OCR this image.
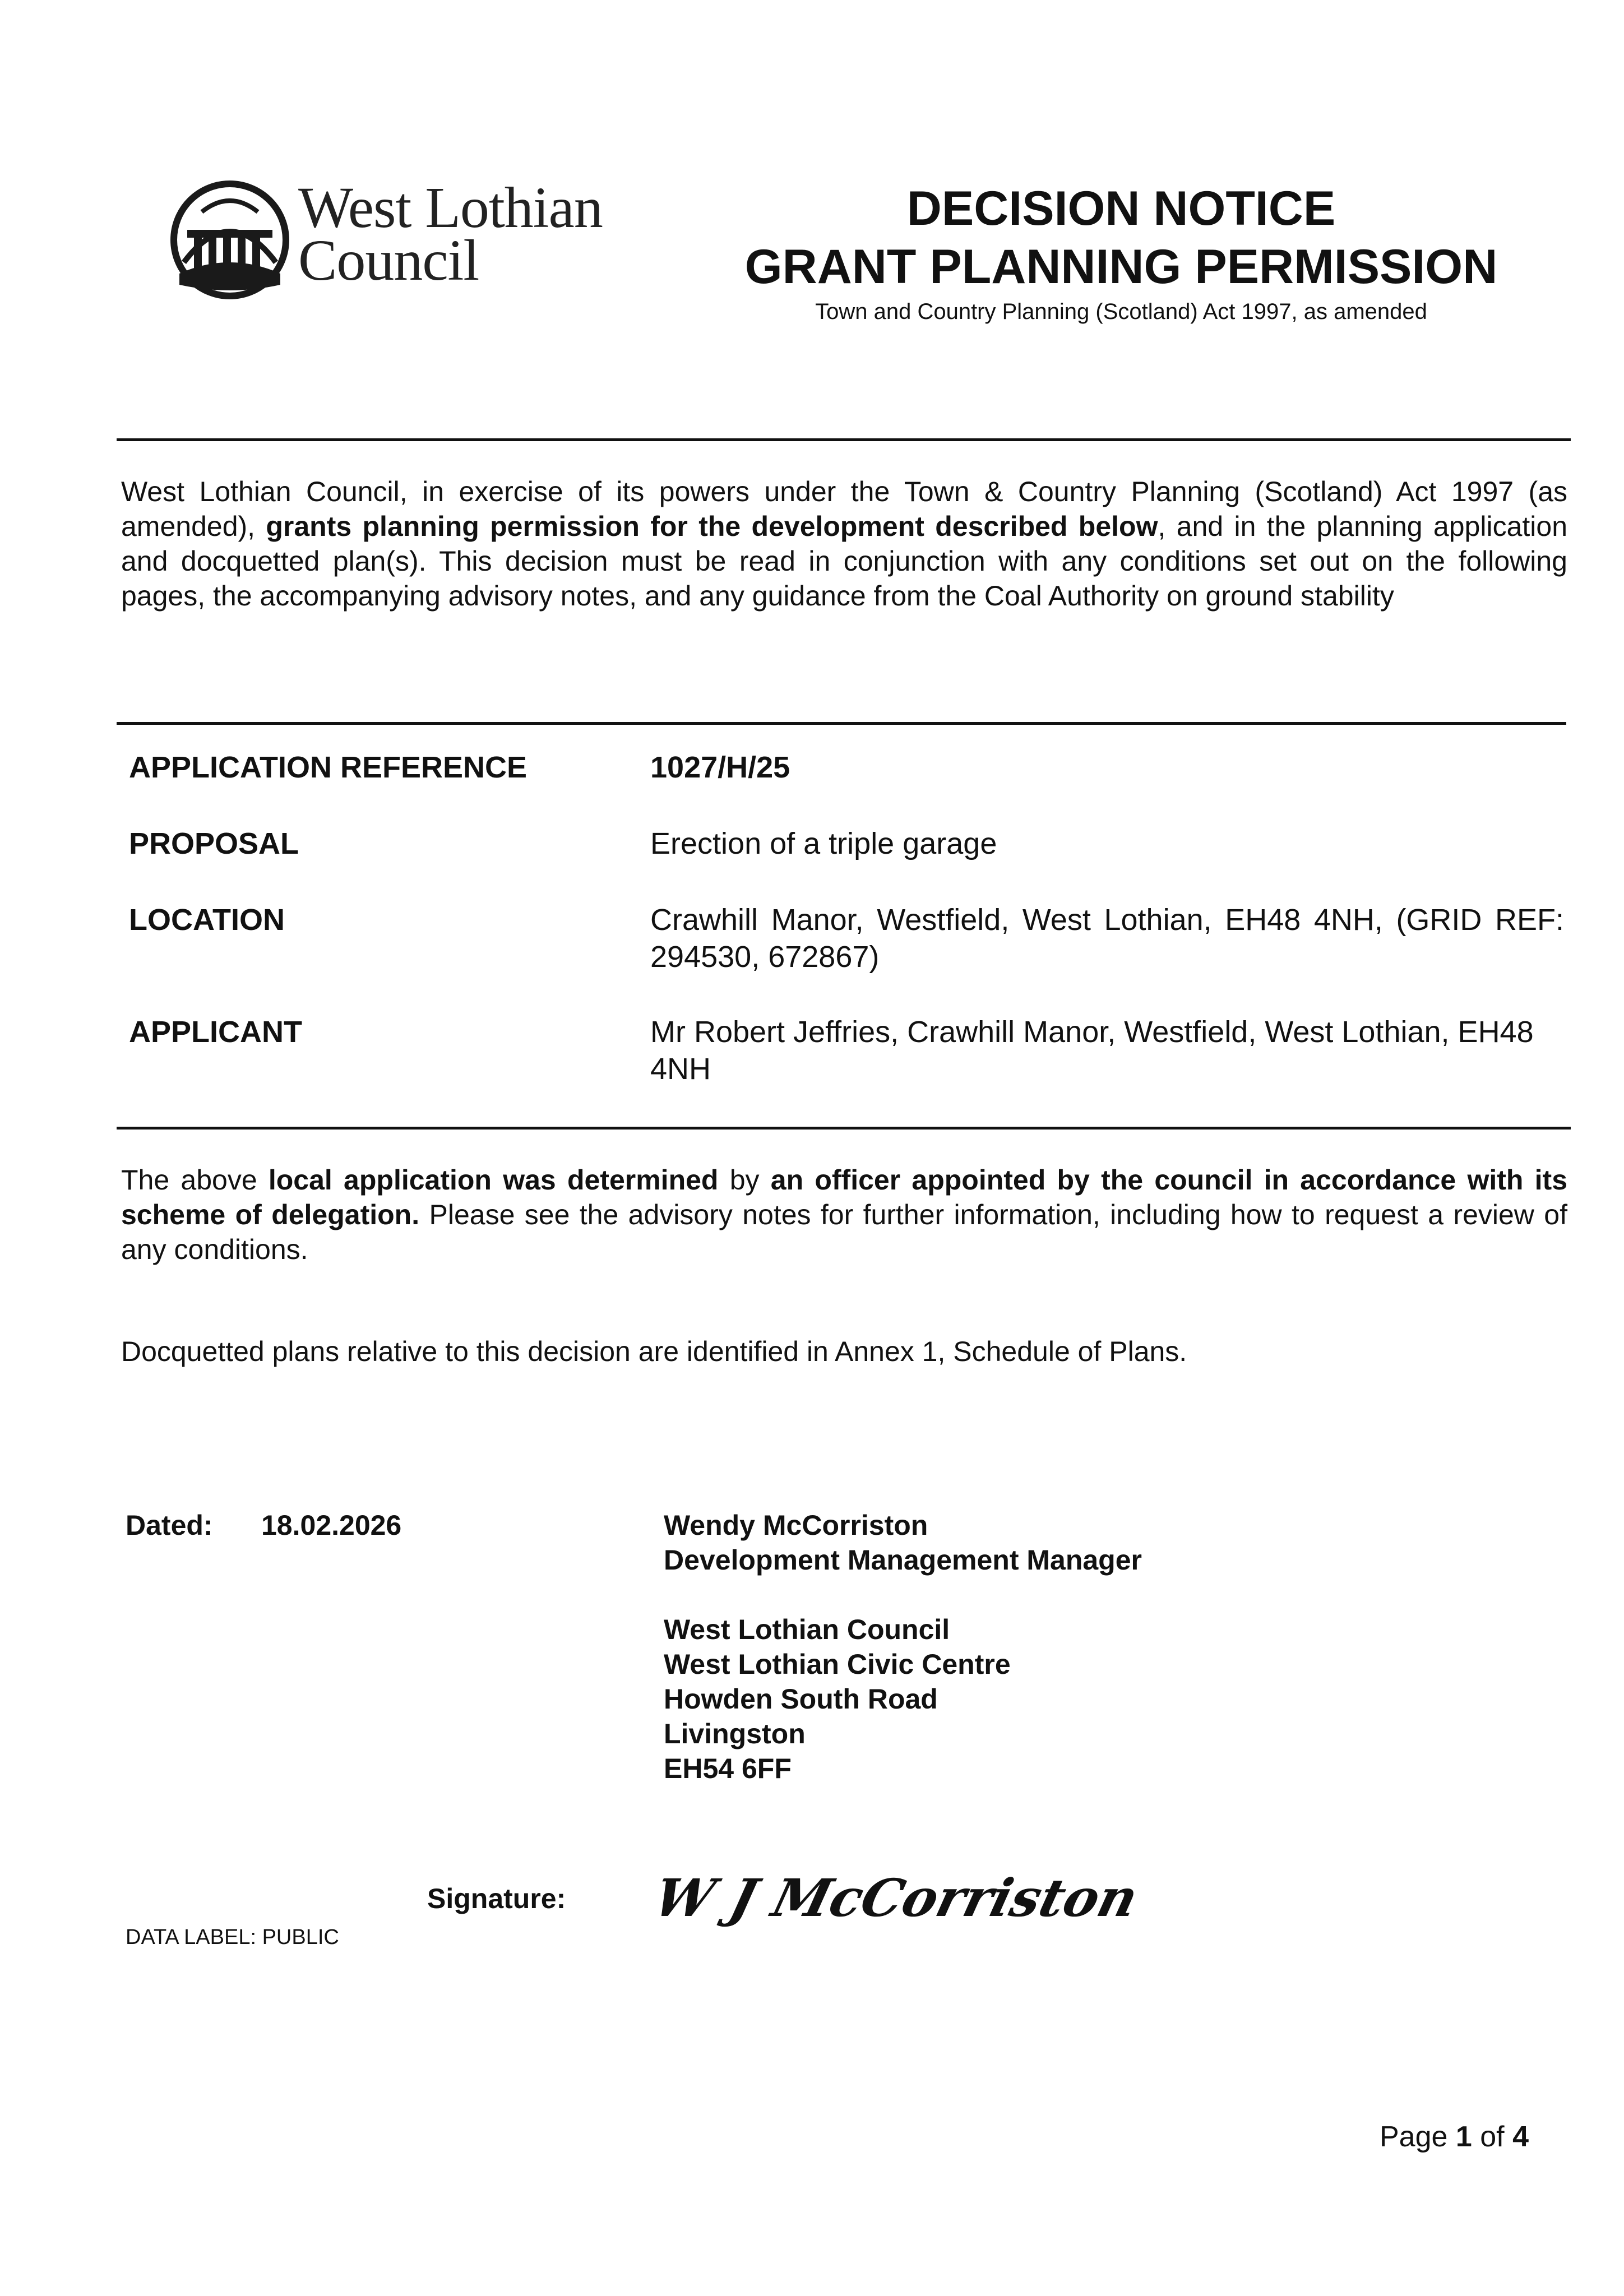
West Lothian
Council
DECISION NOTICE
GRANT PLANNING PERMISSION
Town and Country Planning (Scotland) Act 1997, as amended
West Lothian Council, in exercise of its powers under the Town & Country Planning (Scotland) Act 1997 (as amended), grants planning permission for the development described below, and in the planning application and docquetted plan(s). This decision must be read in conjunction with any conditions set out on the following pages, the accompanying advisory notes, and any guidance from the Coal Authority on ground stability
APPLICATION REFERENCE	1027/H/25
PROPOSAL	Erection of a triple garage
LOCATION	Crawhill Manor, Westfield, West Lothian, EH48 4NH, (GRID REF: 294530, 672867)
APPLICANT	Mr Robert Jeffries, Crawhill Manor, Westfield, West Lothian, EH48 4NH
The above local application was determined by an officer appointed by the council in accordance with its scheme of delegation. Please see the advisory notes for further information, including how to request a review of any conditions.
Docquetted plans relative to this decision are identified in Annex 1, Schedule of Plans.
Dated: 18.02.2026	Wendy McCorriston
Development Management Manager
West Lothian Council
West Lothian Civic Centre
Howden South Road
Livingston
EH54 6FF
Signature: W J McCorriston
DATA LABEL: PUBLIC
Page 1 of 4
